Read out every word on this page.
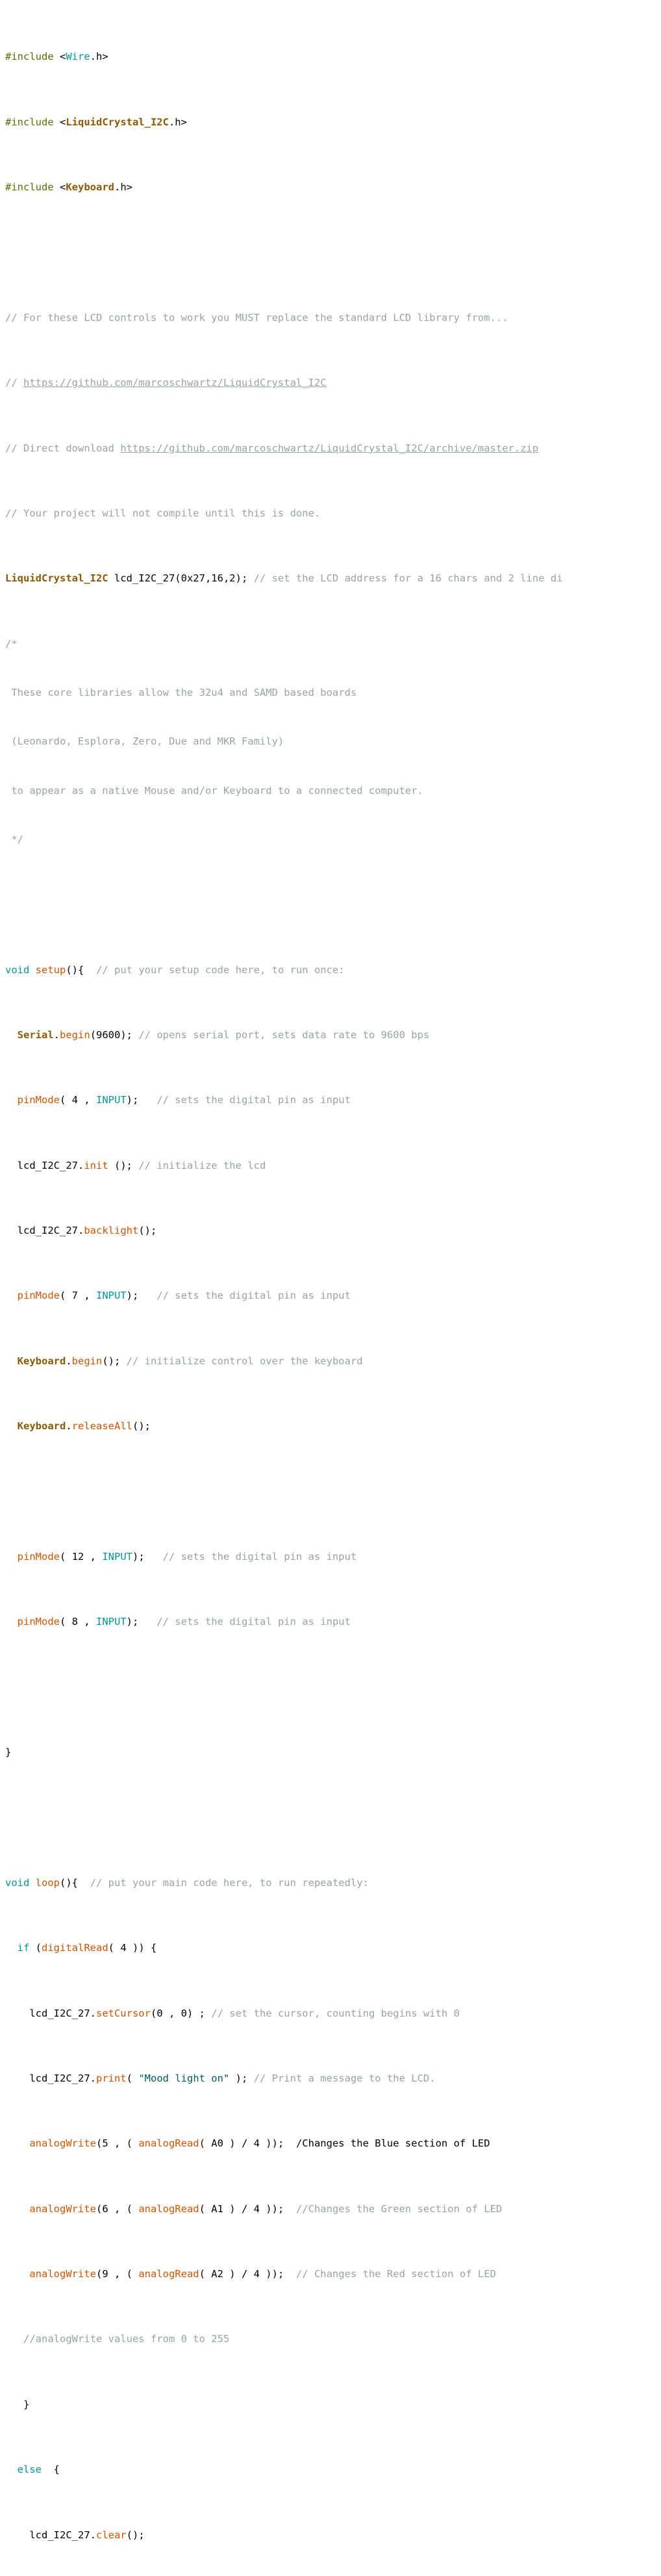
#include <Wire.h>

#include <LiquidCrystal_I2C.h>

#include <Keyboard.h>

// For these LCD controls to work you MUST replace the standard LCD library from...

// https://github.com/marcoschwartz/LiquidCrystal_I2C

// Direct download https://github.com/marcoschwartz/LiquidCrystal_I2C/archive/master.zip

// Your project will not compile until this is done.

LiquidCrystal_I2C lcd_I2C_27(0x27,16,2); // set the LCD address for a 16 chars and 2 line di

/*

These core libraries allow the 32u4 and SAMD based boards

(Leonardo, Esplora, Zero, Due and MKR Family)

to appear as a native Mouse and/or Keyboard to a connected computer.

*/

void setup(){  // put your setup code here, to run once:

Serial.begin(9600); // opens serial port, sets data rate to 9600 bps

pinMode( 4 , INPUT);   // sets the digital pin as input

lcd_I2C_27.init (); // initialize the lcd

lcd_I2C_27.backlight();

pinMode( 7 , INPUT);   // sets the digital pin as input

Keyboard.begin(); // initialize control over the keyboard

Keyboard.releaseAll();

pinMode( 12 , INPUT);   // sets the digital pin as input

pinMode( 8 , INPUT);   // sets the digital pin as input

}

void loop(){  // put your main code here, to run repeatedly:

if (digitalRead( 4 )) {

lcd_I2C_27.setCursor(0 , 0) ; // set the cursor, counting begins with 0

lcd_I2C_27.print( "Mood light on" ); // Print a message to the LCD.

analogWrite(5 , ( analogRead( A0 ) / 4 ));  /Changes the Blue section of LED

analogWrite(6 , ( analogRead( A1 ) / 4 ));  //Changes the Green section of LED

analogWrite(9 , ( analogRead( A2 ) / 4 ));  // Changes the Red section of LED

//analogWrite values from 0 to 255

}

else  {

lcd_I2C_27.clear();
